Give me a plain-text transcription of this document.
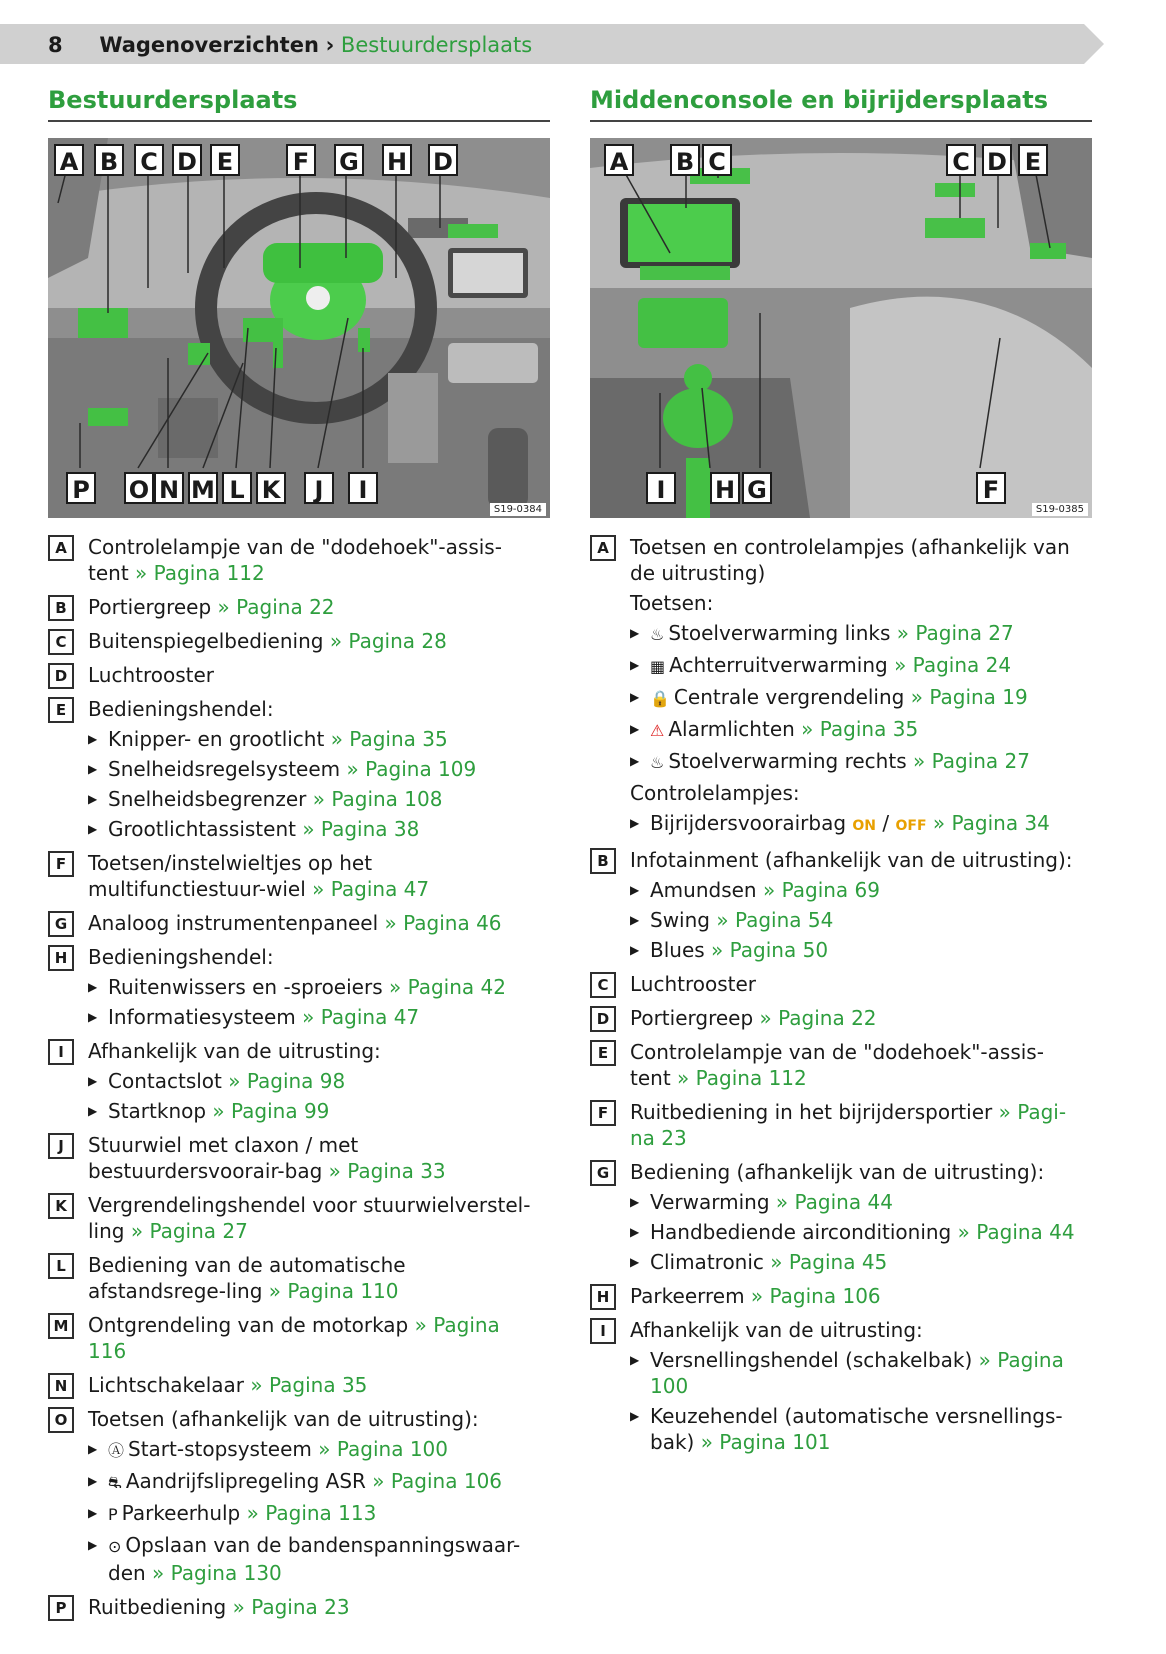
8 Wagenoverzichten › Bestuurdersplaats
Bestuurdersplaats	Middenconsole en bijrijdersplaats
A B C D E F G H D
P O N M L K	J	I
S19-0384
A B C	C D E
I	H G	F
S19-0385
A	Controlelampje van de "dodehoek"-assis-tent » Pagina 112
B	Portiergreep » Pagina 22
C	Buitenspiegelbediening » Pagina 28
D	Luchtrooster
E	Bedieningshendel:
▶ Knipper- en grootlicht » Pagina 35
▶ Snelheidsregelsysteem » Pagina 109
▶ Snelheidsbegrenzer » Pagina 108
▶ Grootlichtassistent » Pagina 38
F	Toetsen/instelwieltjes op het multifunctiestuur-wiel » Pagina 47
G	Analoog instrumentenpaneel » Pagina 46
H	Bedieningshendel:
▶ Ruitenwissers en -sproeiers » Pagina 42
▶ Informatiesysteem » Pagina 47
I	Afhankelijk van de uitrusting:
▶ Contactslot » Pagina 98
▶ Startknop » Pagina 99
J	Stuurwiel met claxon / met bestuurdersvoorair-bag » Pagina 33
K	Vergrendelingshendel voor stuurwielverstel-ling » Pagina 27
L	Bediening van de automatische afstandsrege-ling » Pagina 110
M Ontgrendeling van de motorkap » Pagina 116
N	Lichtschakelaar » Pagina 35
O	Toetsen (afhankelijk van de uitrusting):
▶ Ⓐ Start-stopsysteem » Pagina 100
▶ ⛐ Aandrijfslipregeling ASR » Pagina 106
▶ P Parkeerhulp » Pagina 113
▶ ⊙ Opslaan van de bandenspanningswaar-den » Pagina 130
P	Ruitbediening » Pagina 23
A	Toetsen en controlelampjes (afhankelijk van de uitrusting)
Toetsen:
▶ ♨ Stoelverwarming links » Pagina 27
▶ ▦ Achterruitverwarming » Pagina 24
▶ 🔒 Centrale vergrendeling » Pagina 19
▶ ⚠ Alarmlichten » Pagina 35
▶ ♨ Stoelverwarming rechts » Pagina 27
Controlelampjes:
▶ Bijrijdersvoorairbag ON / OFF » Pagina 34
B	Infotainment (afhankelijk van de uitrusting):
▶ Amundsen » Pagina 69
▶ Swing » Pagina 54
▶ Blues » Pagina 50
C	Luchtrooster
D	Portiergreep » Pagina 22
E	Controlelampje van de "dodehoek"-assis-tent » Pagina 112
F	Ruitbediening in het bijrijdersportier » Pagi-na 23
G	Bediening (afhankelijk van de uitrusting):
▶ Verwarming » Pagina 44
▶ Handbediende airconditioning » Pagina 44
▶ Climatronic » Pagina 45
H	Parkeerrem » Pagina 106
I	Afhankelijk van de uitrusting:
▶ Versnellingshendel (schakelbak) » Pagina 100
▶ Keuzehendel (automatische versnellings-bak) » Pagina 101
